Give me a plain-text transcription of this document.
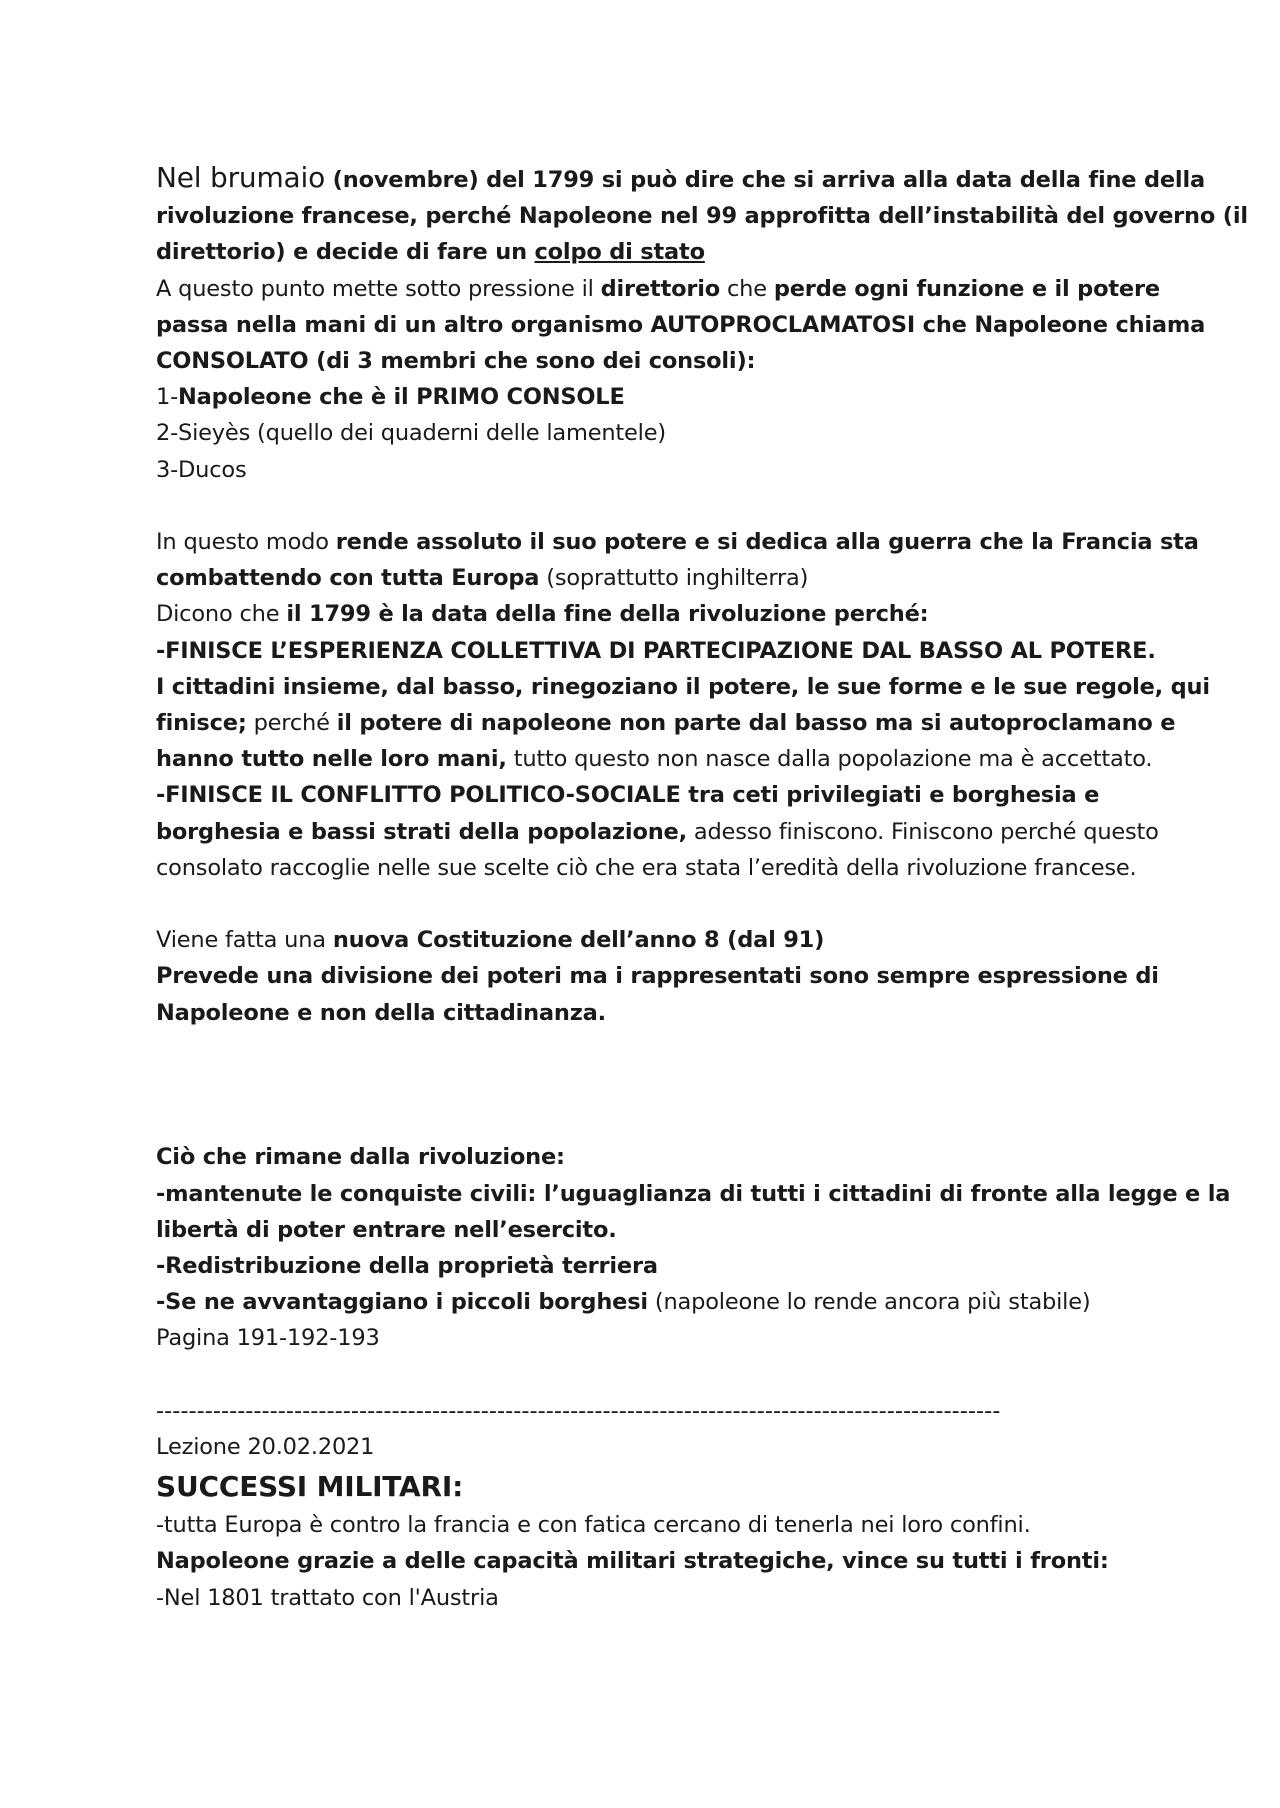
Nel brumaio (novembre) del 1799 si può dire che si arriva alla data della fine della
rivoluzione francese, perché Napoleone nel 99 approfitta dell’instabilità del governo (il
direttorio) e decide di fare un colpo di stato
A questo punto mette sotto pressione il direttorio che perde ogni funzione e il potere
passa nella mani di un altro organismo AUTOPROCLAMATOSI che Napoleone chiama
CONSOLATO (di 3 membri che sono dei consoli):
1-Napoleone che è il PRIMO CONSOLE
2-Sieyès (quello dei quaderni delle lamentele)
3-Ducos
In questo modo rende assoluto il suo potere e si dedica alla guerra che la Francia sta
combattendo con tutta Europa (soprattutto inghilterra)
Dicono che il 1799 è la data della fine della rivoluzione perché:
-FINISCE L’ESPERIENZA COLLETTIVA DI PARTECIPAZIONE DAL BASSO AL POTERE.
I cittadini insieme, dal basso, rinegoziano il potere, le sue forme e le sue regole, qui
finisce; perché il potere di napoleone non parte dal basso ma si autoproclamano e
hanno tutto nelle loro mani, tutto questo non nasce dalla popolazione ma è accettato.
-FINISCE IL CONFLITTO POLITICO-SOCIALE tra ceti privilegiati e borghesia e
borghesia e bassi strati della popolazione, adesso finiscono. Finiscono perché questo
consolato raccoglie nelle sue scelte ciò che era stata l’eredità della rivoluzione francese.
Viene fatta una nuova Costituzione dell’anno 8 (dal 91)
Prevede una divisione dei poteri ma i rappresentati sono sempre espressione di
Napoleone e non della cittadinanza.
Ciò che rimane dalla rivoluzione:
-mantenute le conquiste civili: l’uguaglianza di tutti i cittadini di fronte alla legge e la
libertà di poter entrare nell’esercito.
-Redistribuzione della proprietà terriera
-Se ne avvantaggiano i piccoli borghesi (napoleone lo rende ancora più stabile)
Pagina 191-192-193
--------------------------------------------------------------------------------------------------------
Lezione 20.02.2021
SUCCESSI MILITARI:
-tutta Europa è contro la francia e con fatica cercano di tenerla nei loro confini.
Napoleone grazie a delle capacità militari strategiche, vince su tutti i fronti:
-Nel 1801 trattato con l'Austria
